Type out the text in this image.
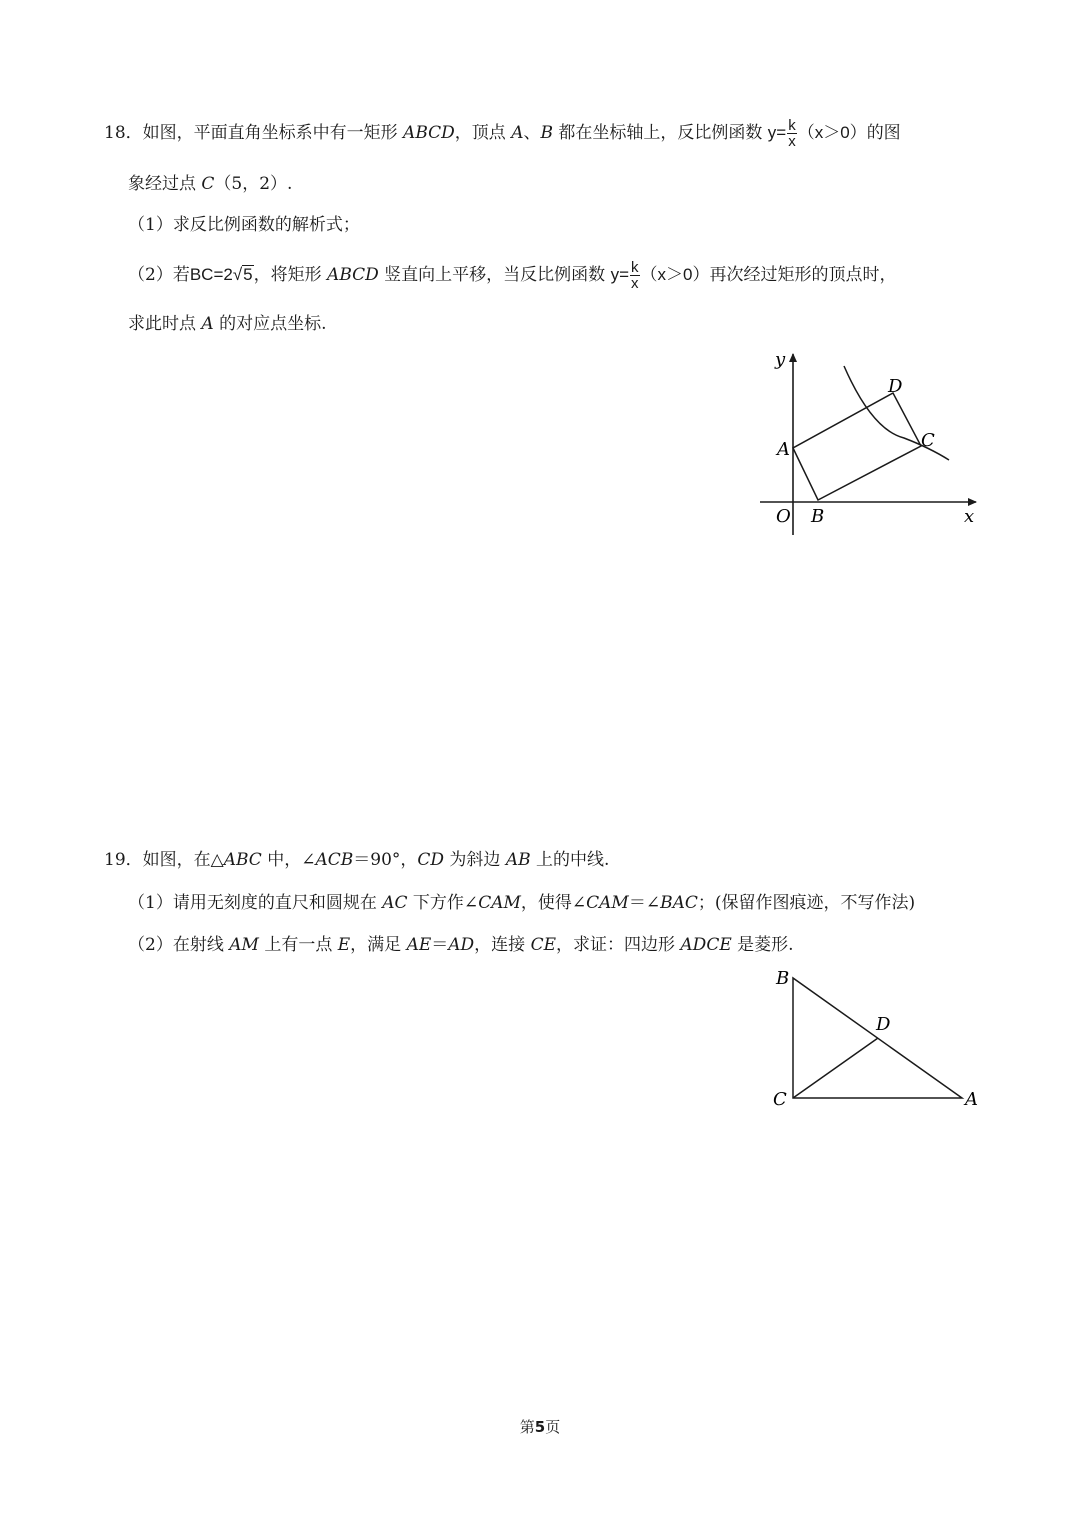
18．如图，平面直角坐标系中有一矩形 ABCD，顶点 A、B 都在坐标轴上，反比例函数 $y= \frac{k}{x} (x>0)$的图
象经过点 C（5，2）.
（1）求反比例函数的解析式；
（2）若BC=2√5，将矩形 ABCD 竖直向上平移，当反比例函数 $y= \frac{k}{x} (x>0)$再次经过矩形的顶点时，
求此时点 A 的对应点坐标.
y
x
O
A
B
C
D
19．如图，在△ABC 中，∠ACB＝90°，CD 为斜边 AB 上的中线.
（1）请用无刻度的直尺和圆规在 AC 下方作∠CAM，使得∠CAM＝∠BAC；(保留作图痕迹，不写作法)
（2）在射线 AM 上有一点 E，满足 AE＝AD，连接 CE，求证：四边形 ADCE 是菱形.
B
D
C	A
第5页
